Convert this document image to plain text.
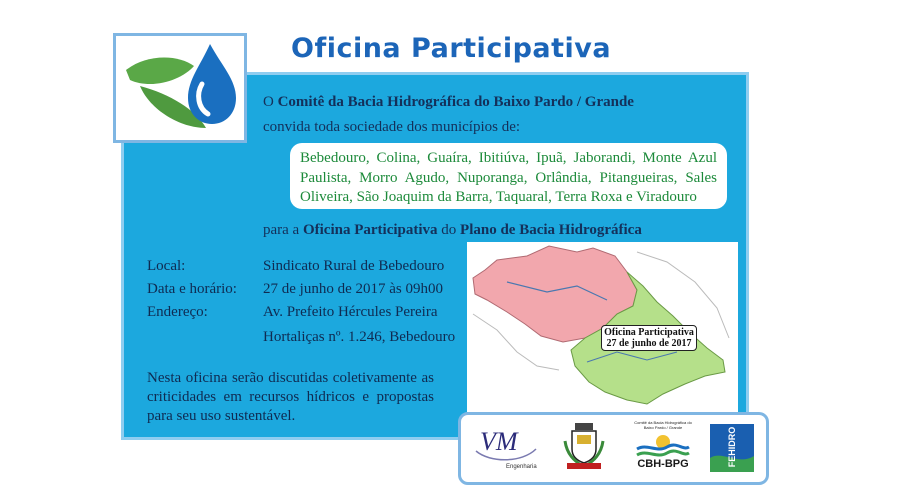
Oficina Participativa
O Comitê da Bacia Hidrográfica do Baixo Pardo / Grande
convida toda sociedade dos municípios de:
Bebedouro, Colina, Guaíra, Ibitiúva, Ipuã, Jaborandi, Monte Azul Paulista, Morro Agudo, Nuporanga, Orlândia, Pitangueiras, Sales Oliveira, São Joaquim da Barra, Taquaral, Terra Roxa e Viradouro
para a Oficina Participativa do Plano de Bacia Hidrográfica
Local:	Sindicato Rural de Bebedouro
Data e horário: 27 de junho de 2017 às 09h00
Endereço:	Av. Prefeito Hércules Pereira
Hortaliças nº. 1.246, Bebedouro
Nesta oficina serão discutidas coletivamente as criticidades em recursos hídricos e propostas para seu uso sustentável.
Oficina Participativa
27 de junho de 2017
VM
Engenharia
Comitê da Bacia Hidrográfica do Baixo Pardo / Grande
CBH-BPG	FEHIDRO
